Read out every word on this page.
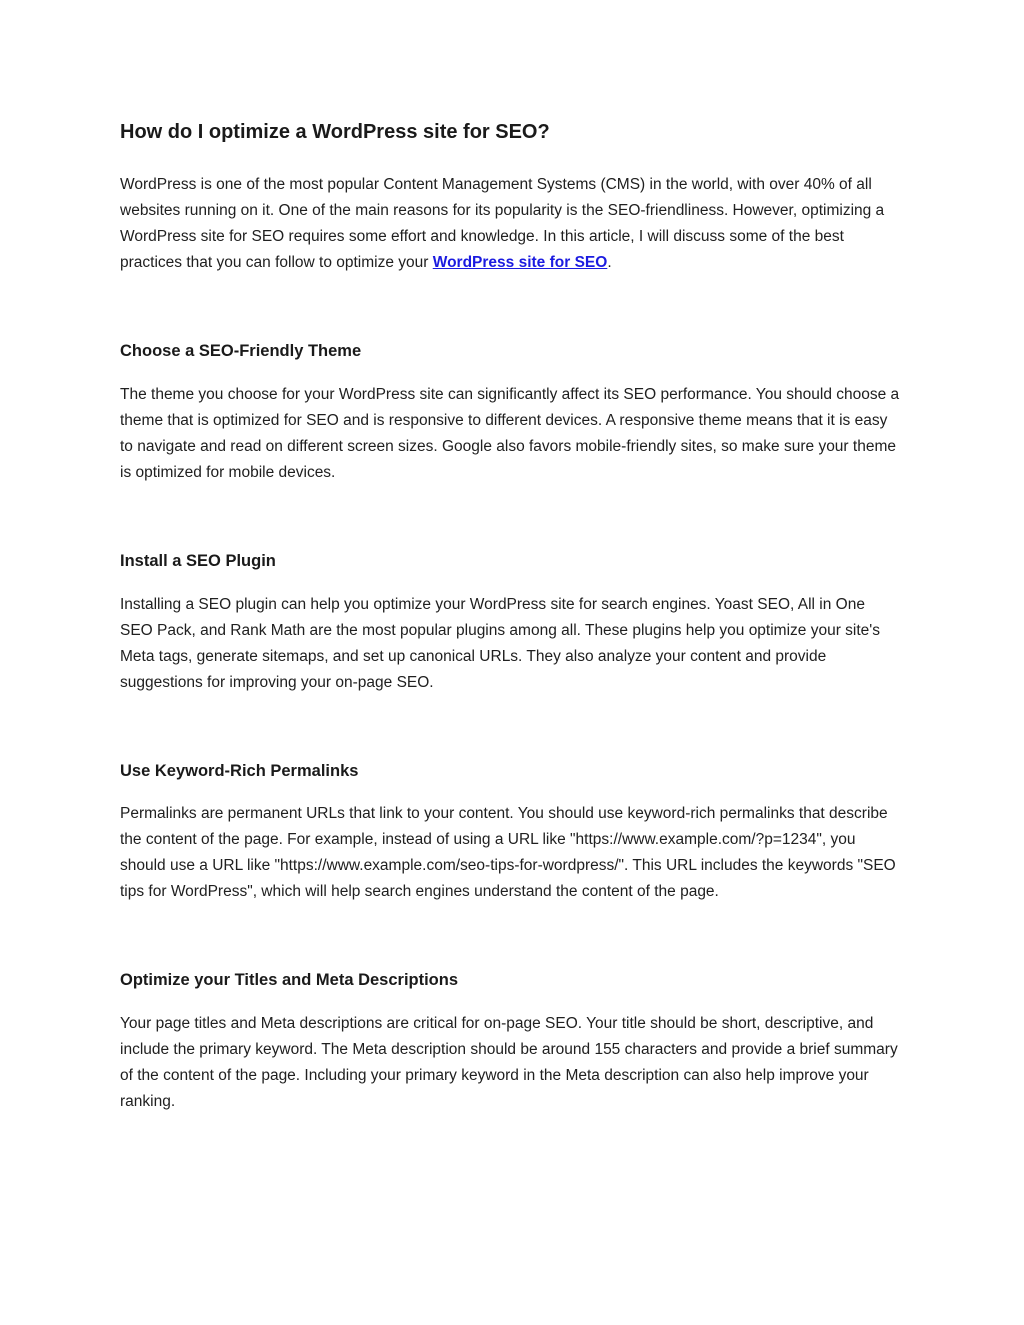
How do I optimize a WordPress site for SEO?

WordPress is one of the most popular Content Management Systems (CMS) in the world, with over 40% of all websites running on it. One of the main reasons for its popularity is the SEO-friendliness. However, optimizing a WordPress site for SEO requires some effort and knowledge. In this article, I will discuss some of the best practices that you can follow to optimize your WordPress site for SEO.

Choose a SEO-Friendly Theme

The theme you choose for your WordPress site can significantly affect its SEO performance. You should choose a theme that is optimized for SEO and is responsive to different devices. A responsive theme means that it is easy to navigate and read on different screen sizes. Google also favors mobile-friendly sites, so make sure your theme is optimized for mobile devices.

Install a SEO Plugin

Installing a SEO plugin can help you optimize your WordPress site for search engines. Yoast SEO, All in One SEO Pack, and Rank Math are the most popular plugins among all. These plugins help you optimize your site's Meta tags, generate sitemaps, and set up canonical URLs. They also analyze your content and provide suggestions for improving your on-page SEO.

Use Keyword-Rich Permalinks

Permalinks are permanent URLs that link to your content. You should use keyword-rich permalinks that describe the content of the page. For example, instead of using a URL like "https://www.example.com/?p=1234", you should use a URL like "https://www.example.com/seo-tips-for-wordpress/". This URL includes the keywords "SEO tips for WordPress", which will help search engines understand the content of the page.

Optimize your Titles and Meta Descriptions

Your page titles and Meta descriptions are critical for on-page SEO. Your title should be short, descriptive, and include the primary keyword. The Meta description should be around 155 characters and provide a brief summary of the content of the page. Including your primary keyword in the Meta description can also help improve your ranking.
